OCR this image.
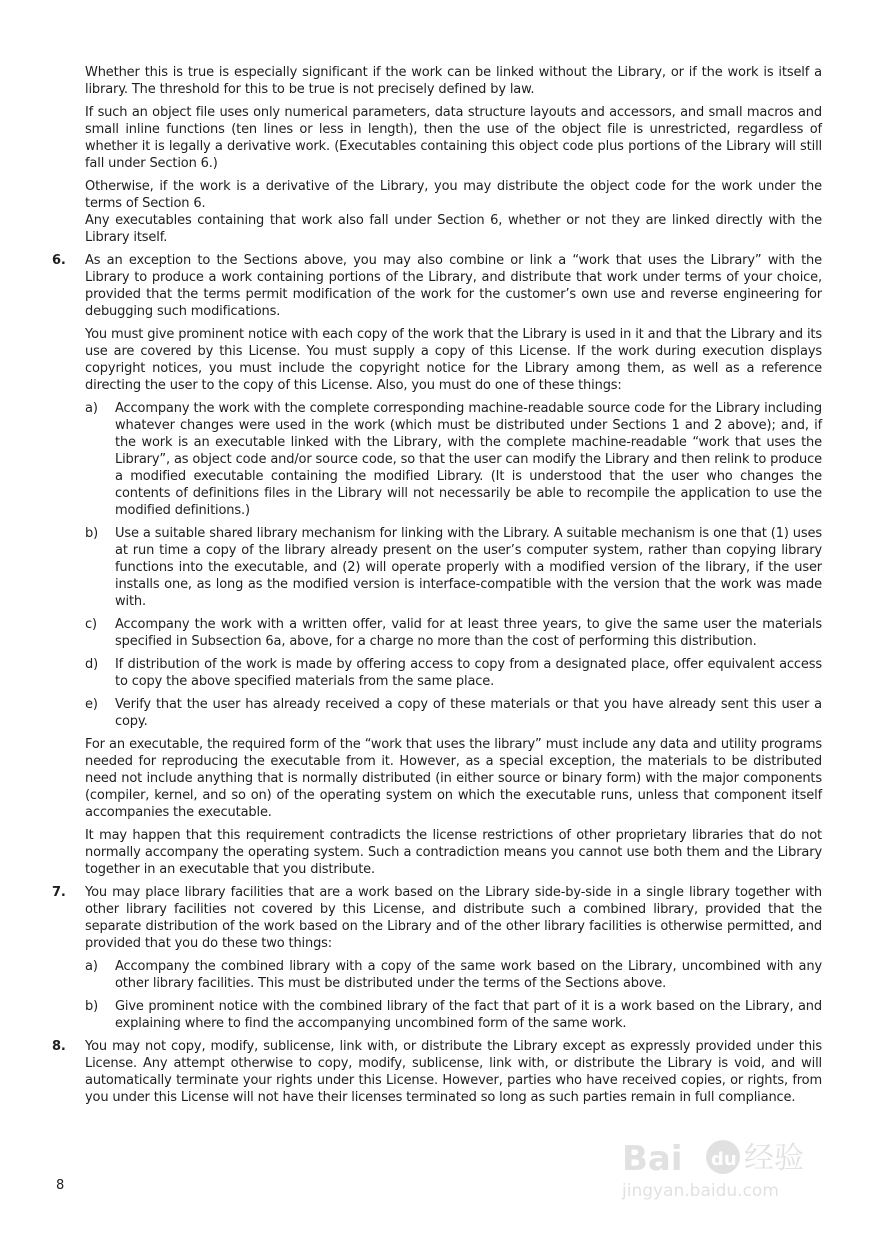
Whether this is true is especially significant if the work can be linked without the Library, or if the work is itself a library. The threshold for this to be true is not precisely defined by law.

If such an object file uses only numerical parameters, data structure layouts and accessors, and small macros and small inline functions (ten lines or less in length), then the use of the object file is unrestricted, regardless of whether it is legally a derivative work. (Executables containing this object code plus portions of the Library will still fall under Section 6.)

Otherwise, if the work is a derivative of the Library, you may distribute the object code for the work under the terms of Section 6.

Any executables containing that work also fall under Section 6, whether or not they are linked directly with the Library itself.

6. As an exception to the Sections above, you may also combine or link a “work that uses the Library” with the Library to produce a work containing portions of the Library, and distribute that work under terms of your choice, provided that the terms permit modification of the work for the customer’s own use and reverse engineering for debugging such modifications.

You must give prominent notice with each copy of the work that the Library is used in it and that the Library and its use are covered by this License. You must supply a copy of this License. If the work during execution displays copyright notices, you must include the copyright notice for the Library among them, as well as a reference directing the user to the copy of this License. Also, you must do one of these things:

a) Accompany the work with the complete corresponding machine-readable source code for the Library including whatever changes were used in the work (which must be distributed under Sections 1 and 2 above); and, if the work is an executable linked with the Library, with the complete machine-readable “work that uses the Library”, as object code and/or source code, so that the user can modify the Library and then relink to produce a modified executable containing the modified Library. (It is understood that the user who changes the contents of definitions files in the Library will not necessarily be able to recompile the application to use the modified definitions.)
b) Use a suitable shared library mechanism for linking with the Library. A suitable mechanism is one that (1) uses at run time a copy of the library already present on the user’s computer system, rather than copying library functions into the executable, and (2) will operate properly with a modified version of the library, if the user installs one, as long as the modified version is interface-compatible with the version that the work was made with.
c) Accompany the work with a written offer, valid for at least three years, to give the same user the materials specified in Subsection 6a, above, for a charge no more than the cost of performing this distribution.
d) If distribution of the work is made by offering access to copy from a designated place, offer equivalent access to copy the above specified materials from the same place.
e) Verify that the user has already received a copy of these materials or that you have already sent this user a copy.

For an executable, the required form of the “work that uses the library” must include any data and utility programs needed for reproducing the executable from it. However, as a special exception, the materials to be distributed need not include anything that is normally distributed (in either source or binary form) with the major components (compiler, kernel, and so on) of the operating system on which the executable runs, unless that component itself accompanies the executable.

It may happen that this requirement contradicts the license restrictions of other proprietary libraries that do not normally accompany the operating system. Such a contradiction means you cannot use both them and the Library together in an executable that you distribute.

7. You may place library facilities that are a work based on the Library side-by-side in a single library together with other library facilities not covered by this License, and distribute such a combined library, provided that the separate distribution of the work based on the Library and of the other library facilities is otherwise permitted, and provided that you do these two things:

a) Accompany the combined library with a copy of the same work based on the Library, uncombined with any other library facilities. This must be distributed under the terms of the Sections above.
b) Give prominent notice with the combined library of the fact that part of it is a work based on the Library, and explaining where to find the accompanying uncombined form of the same work.
8. You may not copy, modify, sublicense, link with, or distribute the Library except as expressly provided under this License. Any attempt otherwise to copy, modify, sublicense, link with, or distribute the Library is void, and will automatically terminate your rights under this License. However, parties who have received copies, or rights, from you under this License will not have their licenses terminated so long as such parties remain in full compliance.

8
Bai du 经验
jingyan.baidu.com
